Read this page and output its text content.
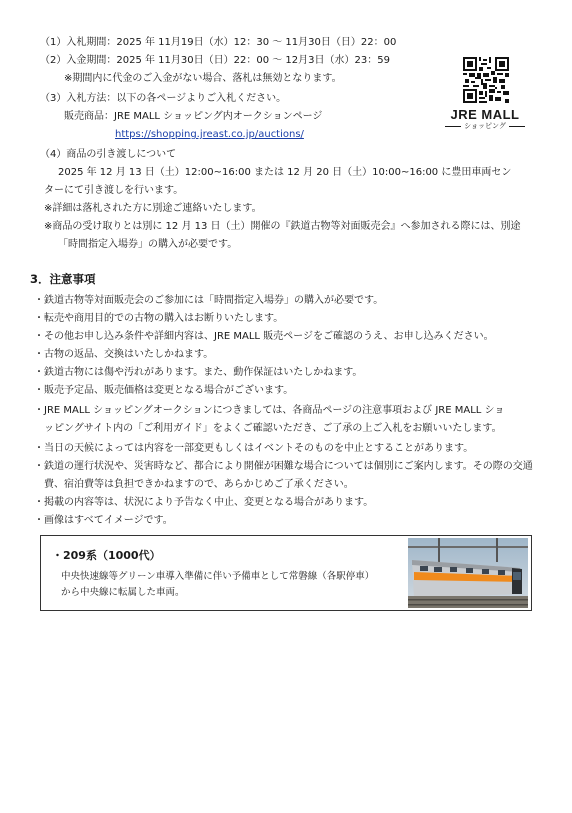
（1）入札期間：2025 年 11月19日（水）12：30 ～ 11月30日（日）22：00
（2）入金期間：2025 年 11月30日（日）22：00 ～ 12月3日（水）23：59
※期間内に代金のご入金がない場合、落札は無効となります。
（3）入札方法：以下の各ページよりご入札ください。
販売商品：JRE MALL ショッピング内オークションページ
（4）商品の引き渡しについて
2025 年 12 月 13 日（土）12:00~16:00 または 12 月 20 日（土）10:00~16:00 に豊田車両セン
ターにて引き渡しを行います。
※詳細は落札された方に別途ご連絡いたします。
※商品の受け取りとは別に 12 月 13 日（土）開催の『鉄道古物等対面販売会』へ参加される際には、別途
「時間指定入場券」の購入が必要です。
https://shopping.jreast.co.jp/auctions/
JRE MALL
ショッピング
3．注意事項
・鉄道古物等対面販売会のご参加には「時間指定入場券」の購入が必要です。
・転売や商用目的での古物の購入はお断りいたします。
・その他お申し込み条件や詳細内容は、JRE MALL 販売ページをご確認のうえ、お申し込みください。
・古物の返品、交換はいたしかねます。
・鉄道古物には傷や汚れがあります。また、動作保証はいたしかねます。
・販売予定品、販売価格は変更となる場合がございます。
・JRE MALL ショッピングオークションにつきましては、各商品ページの注意事項および JRE MALL ショ
ッピングサイト内の「ご利用ガイド」をよくご確認いただき、ご了承の上ご入札をお願いいたします。
・当日の天候によっては内容を一部変更もしくはイベントそのものを中止とすることがあります。
・鉄道の運行状況や、災害時など、都合により開催が困難な場合については個別にご案内します。その際の交通
費、宿泊費等は負担できかねますので、あらかじめご了承ください。
・掲載の内容等は、状況により予告なく中止、変更となる場合があります。
・画像はすべてイメージです。
・209系（1000代）
中央快速線等グリーン車導入準備に伴い予備車として常磐線（各駅停車）
から中央線に転属した車両。
